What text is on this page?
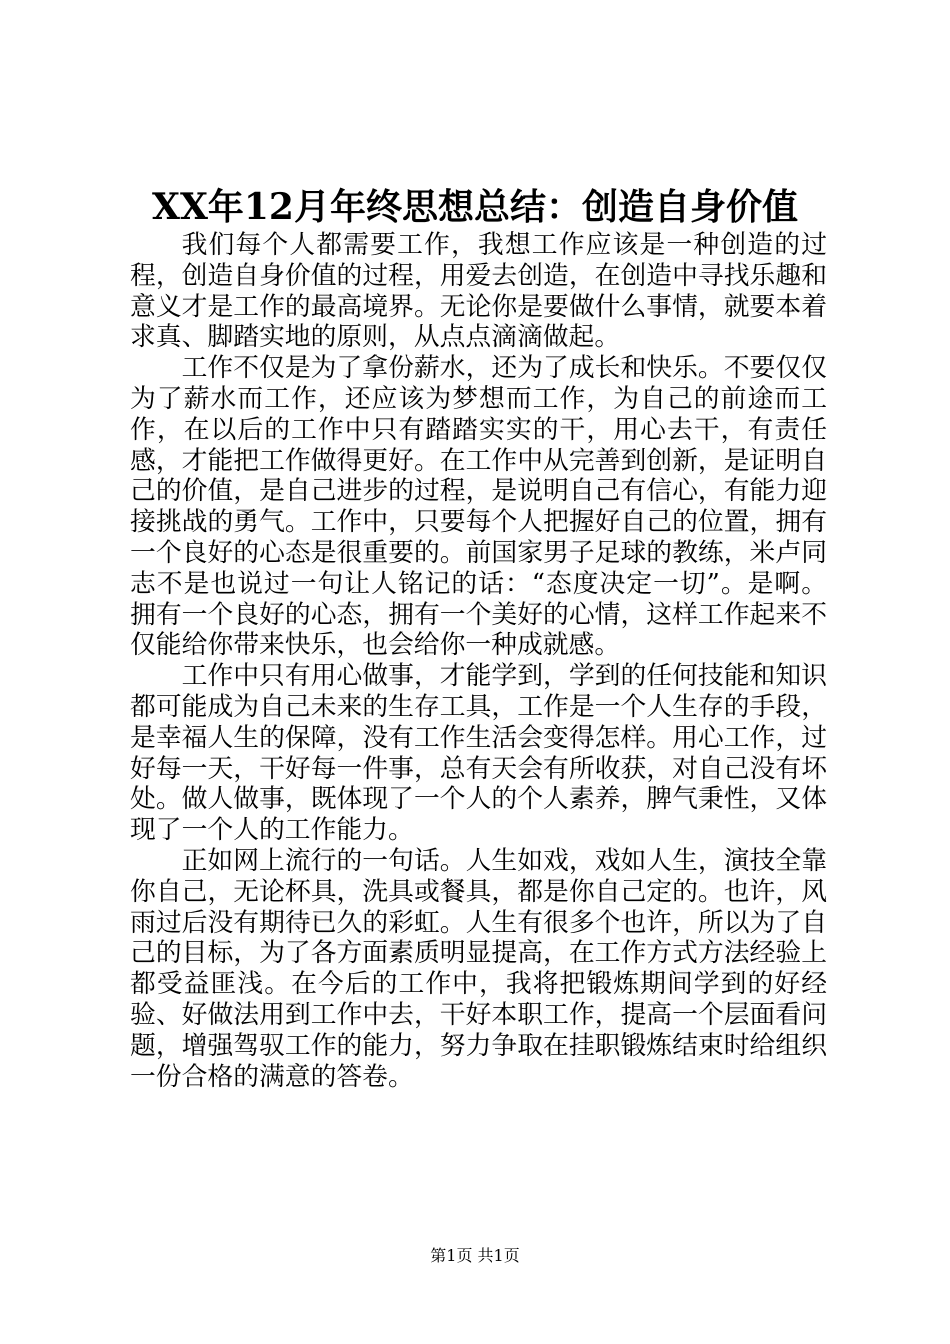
XX年12月年终思想总结：创造自身价值

我们每个人都需要工作，我想工作应该是一种创造的过程，创造自身价值的过程，用爱去创造，在创造中寻找乐趣和意义才是工作的最高境界。无论你是要做什么事情，就要本着求真、脚踏实地的原则，从点点滴滴做起。

工作不仅是为了拿份薪水，还为了成长和快乐。不要仅仅为了薪水而工作，还应该为梦想而工作，为自己的前途而工作，在以后的工作中只有踏踏实实的干，用心去干，有责任感，才能把工作做得更好。在工作中从完善到创新，是证明自己的价值，是自己进步的过程，是说明自己有信心，有能力迎接挑战的勇气。工作中，只要每个人把握好自己的位置，拥有一个良好的心态是很重要的。前国家男子足球的教练，米卢同志不是也说过一句让人铭记的话：“态度决定一切”。是啊。拥有一个良好的心态，拥有一个美好的心情，这样工作起来不仅能给你带来快乐，也会给你一种成就感。

工作中只有用心做事，才能学到，学到的任何技能和知识都可能成为自己未来的生存工具，工作是一个人生存的手段，是幸福人生的保障，没有工作生活会变得怎样。用心工作，过好每一天，干好每一件事，总有天会有所收获，对自己没有坏处。做人做事，既体现了一个人的个人素养，脾气秉性，又体现了一个人的工作能力。

正如网上流行的一句话。人生如戏，戏如人生，演技全靠你自己，无论杯具，洗具或餐具，都是你自己定的。也许，风雨过后没有期待已久的彩虹。人生有很多个也许，所以为了自己的目标，为了各方面素质明显提高，在工作方式方法经验上都受益匪浅。在今后的工作中，我将把锻炼期间学到的好经验、好做法用到工作中去，干好本职工作，提高一个层面看问题，增强驾驭工作的能力，努力争取在挂职锻炼结束时给组织一份合格的满意的答卷。

第1页 共1页
